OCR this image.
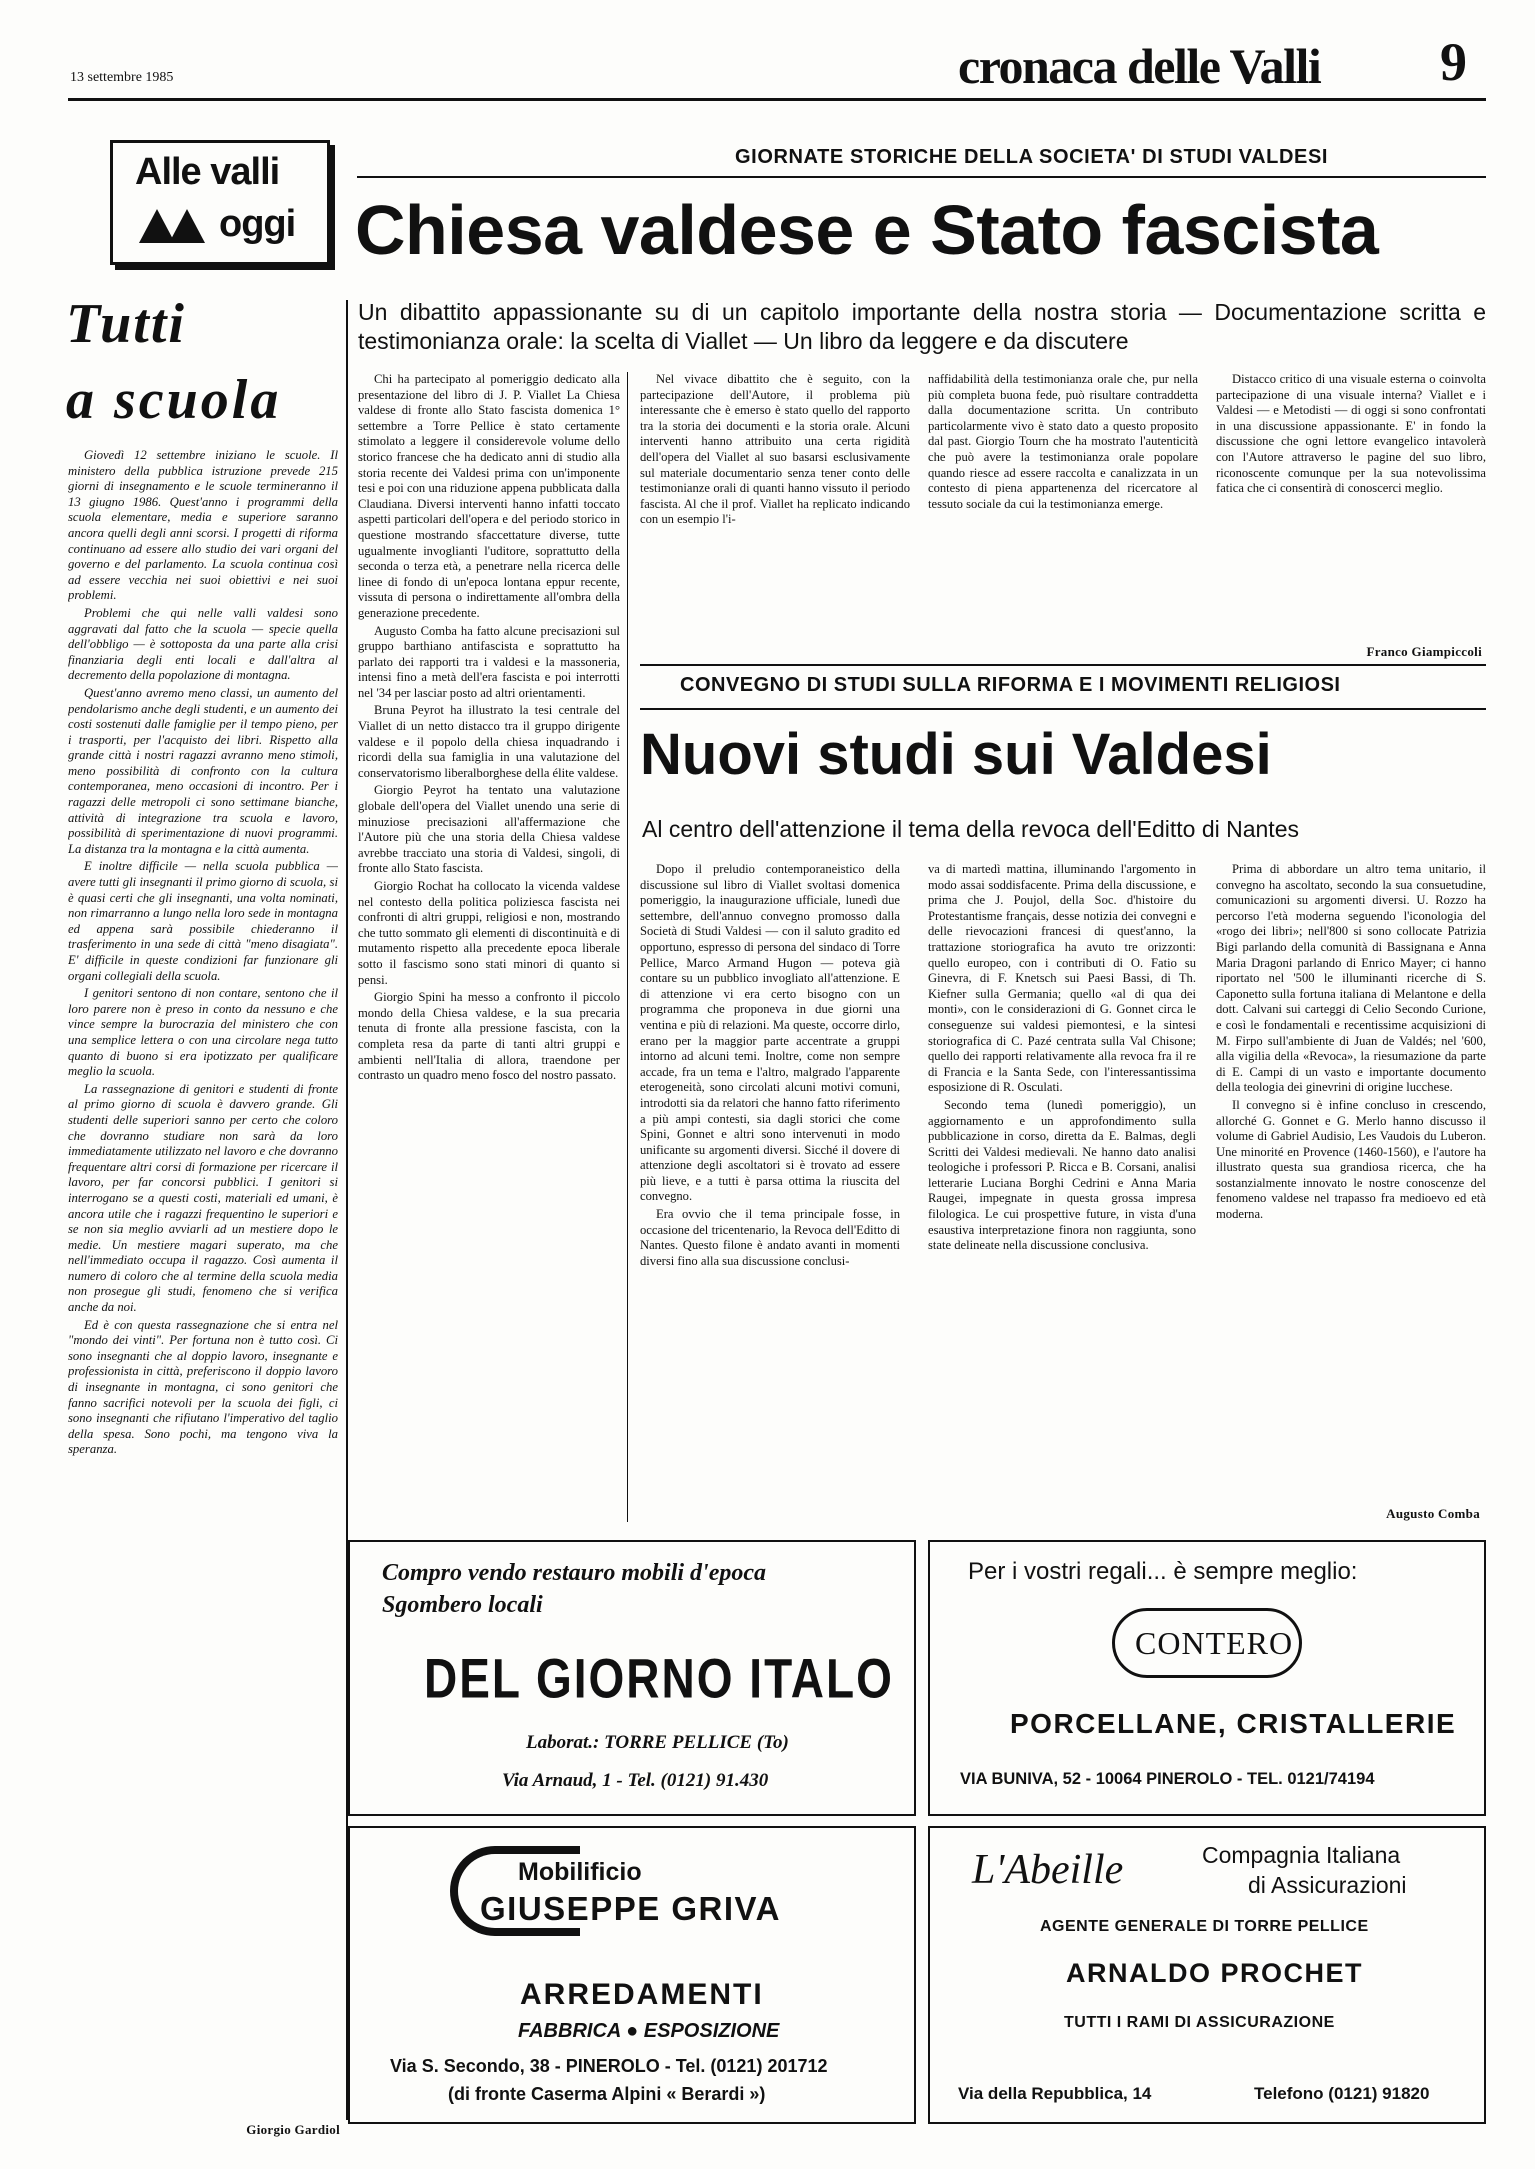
13 settembre 1985	cronaca delle Valli 9
Alle valli
oggi
Tutti
a scuola

Giovedì 12 settembre iniziano le scuole. Il ministero della pubblica istruzione prevede 215 giorni di insegnamento e le scuole termineranno il 13 giugno 1986. Quest'anno i programmi della scuola elementare, media e superiore saranno ancora quelli degli anni scorsi. I progetti di riforma continuano ad essere allo studio dei vari organi del governo e del parlamento. La scuola continua così ad essere vecchia nei suoi obiettivi e nei suoi problemi.

Problemi che qui nelle valli valdesi sono aggravati dal fatto che la scuola — specie quella dell'obbligo — è sottoposta da una parte alla crisi finanziaria degli enti locali e dall'altra al decremento della popolazione di montagna.

Quest'anno avremo meno classi, un aumento del pendolarismo anche degli studenti, e un aumento dei costi sostenuti dalle famiglie per il tempo pieno, per i trasporti, per l'acquisto dei libri. Rispetto alla grande città i nostri ragazzi avranno meno stimoli, meno possibilità di confronto con la cultura contemporanea, meno occasioni di incontro. Per i ragazzi delle metropoli ci sono settimane bianche, attività di integrazione tra scuola e lavoro, possibilità di sperimentazione di nuovi programmi. La distanza tra la montagna e la città aumenta.

E inoltre difficile — nella scuola pubblica — avere tutti gli insegnanti il primo giorno di scuola, si è quasi certi che gli insegnanti, una volta nominati, non rimarranno a lungo nella loro sede in montagna ed appena sarà possibile chiederanno il trasferimento in una sede di città "meno disagiata". E' difficile in queste condizioni far funzionare gli organi collegiali della scuola.

I genitori sentono di non contare, sentono che il loro parere non è preso in conto da nessuno e che vince sempre la burocrazia del ministero che con una semplice lettera o con una circolare nega tutto quanto di buono si era ipotizzato per qualificare meglio la scuola.

La rassegnazione di genitori e studenti di fronte al primo giorno di scuola è davvero grande. Gli studenti delle superiori sanno per certo che coloro che dovranno studiare non sarà da loro immediatamente utilizzato nel lavoro e che dovranno frequentare altri corsi di formazione per ricercare il lavoro, per far concorsi pubblici. I genitori si interrogano se a questi costi, materiali ed umani, è ancora utile che i ragazzi frequentino le superiori e se non sia meglio avviarli ad un mestiere dopo le medie. Un mestiere magari superato, ma che nell'immediato occupa il ragazzo. Così aumenta il numero di coloro che al termine della scuola media non prosegue gli studi, fenomeno che si verifica anche da noi.

Ed è con questa rassegnazione che si entra nel "mondo dei vinti". Per fortuna non è tutto così. Ci sono insegnanti che al doppio lavoro, insegnante e professionista in città, preferiscono il doppio lavoro di insegnante in montagna, ci sono genitori che fanno sacrifici notevoli per la scuola dei figli, ci sono insegnanti che rifiutano l'imperativo del taglio della spesa. Sono pochi, ma tengono viva la speranza.

Giorgio Gardiol
GIORNATE STORICHE DELLA SOCIETA' DI STUDI VALDESI
Chiesa valdese e Stato fascista
Un dibattito appassionante su di un capitolo importante della nostra storia — Documentazione scritta e testimonianza orale: la scelta di Viallet — Un libro da leggere e da discutere

Chi ha partecipato al pomeriggio dedicato alla presentazione del libro di J. P. Viallet La Chiesa valdese di fronte allo Stato fascista domenica 1° settembre a Torre Pellice è stato certamente stimolato a leggere il considerevole volume dello storico francese che ha dedicato anni di studio alla storia recente dei Valdesi prima con un'imponente tesi e poi con una riduzione appena pubblicata dalla Claudiana. Diversi interventi hanno infatti toccato aspetti particolari dell'opera e del periodo storico in questione mostrando sfaccettature diverse, tutte ugualmente invoglianti l'uditore, soprattutto della seconda o terza età, a penetrare nella ricerca delle linee di fondo di un'epoca lontana eppur recente, vissuta di persona o indirettamente all'ombra della generazione precedente.

Augusto Comba ha fatto alcune precisazioni sul gruppo barthiano antifascista e soprattutto ha parlato dei rapporti tra i valdesi e la massoneria, intensi fino a metà dell'era fascista e poi interrotti nel '34 per lasciar posto ad altri orientamenti.

Bruna Peyrot ha illustrato la tesi centrale del Viallet di un netto distacco tra il gruppo dirigente valdese e il popolo della chiesa inquadrando i ricordi della sua famiglia in una valutazione del conservatorismo liberalborghese della élite valdese.

Giorgio Peyrot ha tentato una valutazione globale dell'opera del Viallet unendo una serie di minuziose precisazioni all'affermazione che l'Autore più che una storia della Chiesa valdese avrebbe tracciato una storia di Valdesi, singoli, di fronte allo Stato fascista.

Giorgio Rochat ha collocato la vicenda valdese nel contesto della politica poliziesca fascista nei confronti di altri gruppi, religiosi e non, mostrando che tutto sommato gli elementi di discontinuità e di mutamento rispetto alla precedente epoca liberale sotto il fascismo sono stati minori di quanto si pensi.

Giorgio Spini ha messo a confronto il piccolo mondo della Chiesa valdese, e la sua precaria tenuta di fronte alla pressione fascista, con la completa resa da parte di tanti altri gruppi e ambienti nell'Italia di allora, traendone per contrasto un quadro meno fosco del nostro passato.

Nel vivace dibattito che è seguito, con la partecipazione dell'Autore, il problema più interessante che è emerso è stato quello del rapporto tra la storia dei documenti e la storia orale. Alcuni interventi hanno attribuito una certa rigidità dell'opera del Viallet al suo basarsi esclusivamente sul materiale documentario senza tener conto delle testimonianze orali di quanti hanno vissuto il periodo fascista. Al che il prof. Viallet ha replicato indicando con un esempio l'i-

naffidabilità della testimonianza orale che, pur nella più completa buona fede, può risultare contraddetta dalla documentazione scritta. Un contributo particolarmente vivo è stato dato a questo proposito dal past. Giorgio Tourn che ha mostrato l'autenticità che può avere la testimonianza orale popolare quando riesce ad essere raccolta e canalizzata in un contesto di piena appartenenza del ricercatore al tessuto sociale da cui la testimonianza emerge.

Distacco critico di una visuale esterna o coinvolta partecipazione di una visuale interna? Viallet e i Valdesi — e Metodisti — di oggi si sono confrontati in una discussione appassionante. E' in fondo la discussione che ogni lettore evangelico intavolerà con l'Autore attraverso le pagine del suo libro, riconoscente comunque per la sua notevolissima fatica che ci consentirà di conoscerci meglio.

Franco Giampiccoli
CONVEGNO DI STUDI SULLA RIFORMA E I MOVIMENTI RELIGIOSI
Nuovi studi sui Valdesi
Al centro dell'attenzione il tema della revoca dell'Editto di Nantes

Dopo il preludio contemporaneistico della discussione sul libro di Viallet svoltasi domenica pomeriggio, la inaugurazione ufficiale, lunedì due settembre, dell'annuo convegno promosso dalla Società di Studi Valdesi — con il saluto gradito ed opportuno, espresso di persona del sindaco di Torre Pellice, Marco Armand Hugon — poteva già contare su un pubblico invogliato all'attenzione. E di attenzione vi era certo bisogno con un programma che proponeva in due giorni una ventina e più di relazioni. Ma queste, occorre dirlo, erano per la maggior parte accentrate a gruppi intorno ad alcuni temi. Inoltre, come non sempre accade, fra un tema e l'altro, malgrado l'apparente eterogeneità, sono circolati alcuni motivi comuni, introdotti sia da relatori che hanno fatto riferimento a più ampi contesti, sia dagli storici che come Spini, Gonnet e altri sono intervenuti in modo unificante su argomenti diversi. Sicché il dovere di attenzione degli ascoltatori si è trovato ad essere più lieve, e a tutti è parsa ottima la riuscita del convegno.

Era ovvio che il tema principale fosse, in occasione del tricentenario, la Revoca dell'Editto di Nantes. Questo filone è andato avanti in momenti diversi fino alla sua discussione conclusi-

va di martedì mattina, illuminando l'argomento in modo assai soddisfacente. Prima della discussione, e prima che J. Poujol, della Soc. d'histoire du Protestantisme français, desse notizia dei convegni e delle rievocazioni francesi di quest'anno, la trattazione storiografica ha avuto tre orizzonti: quello europeo, con i contributi di O. Fatio su Ginevra, di F. Knetsch sui Paesi Bassi, di Th. Kiefner sulla Germania; quello «al di qua dei monti», con le considerazioni di G. Gonnet circa le conseguenze sui valdesi piemontesi, e la sintesi storiografica di C. Pazé centrata sulla Val Chisone; quello dei rapporti relativamente alla revoca fra il re di Francia e la Santa Sede, con l'interessantissima esposizione di R. Osculati.

Secondo tema (lunedì pomeriggio), un aggiornamento e un approfondimento sulla pubblicazione in corso, diretta da E. Balmas, degli Scritti dei Valdesi medievali. Ne hanno dato analisi teologiche i professori P. Ricca e B. Corsani, analisi letterarie Luciana Borghi Cedrini e Anna Maria Raugei, impegnate in questa grossa impresa filologica. Le cui prospettive future, in vista d'una esaustiva interpretazione finora non raggiunta, sono state delineate nella discussione conclusiva.

Prima di abbordare un altro tema unitario, il convegno ha ascoltato, secondo la sua consuetudine, comunicazioni su argomenti diversi. U. Rozzo ha percorso l'età moderna seguendo l'iconologia del «rogo dei libri»; nell'800 si sono collocate Patrizia Bigi parlando della comunità di Bassignana e Anna Maria Dragoni parlando di Enrico Mayer; ci hanno riportato nel '500 le illuminanti ricerche di S. Caponetto sulla fortuna italiana di Melantone e della dott. Calvani sui carteggi di Celio Secondo Curione, e così le fondamentali e recentissime acquisizioni di M. Firpo sull'ambiente di Juan de Valdés; nel '600, alla vigilia della «Revoca», la riesumazione da parte di E. Campi di un vasto e importante documento della teologia dei ginevrini di origine lucchese.

Il convegno si è infine concluso in crescendo, allorché G. Gonnet e G. Merlo hanno discusso il volume di Gabriel Audisio, Les Vaudois du Luberon. Une minorité en Provence (1460-1560), e l'autore ha illustrato questa sua grandiosa ricerca, che ha sostanzialmente innovato le nostre conoscenze del fenomeno valdese nel trapasso fra medioevo ed età moderna.

Augusto Comba
Compro vendo restauro mobili d'epoca
Sgombero locali
DEL GIORNO ITALO
Laborat.: TORRE PELLICE (To)
Via Arnaud, 1 - Tel. (0121) 91.430
Per i vostri regali... è sempre meglio:
CONTERO
PORCELLANE, CRISTALLERIE
VIA BUNIVA, 52 - 10064 PINEROLO - TEL. 0121/74194
Mobilificio
GIUSEPPE GRIVA
ARREDAMENTI
FABBRICA ● ESPOSIZIONE
Via S. Secondo, 38 - PINEROLO - Tel. (0121) 201712
(di fronte Caserma Alpini « Berardi »)
L'Abeille	Compagnia Italiana
di Assicurazioni
AGENTE GENERALE DI TORRE PELLICE
ARNALDO PROCHET
TUTTI I RAMI DI ASSICURAZIONE
Via della Repubblica, 14	Telefono (0121) 91820
